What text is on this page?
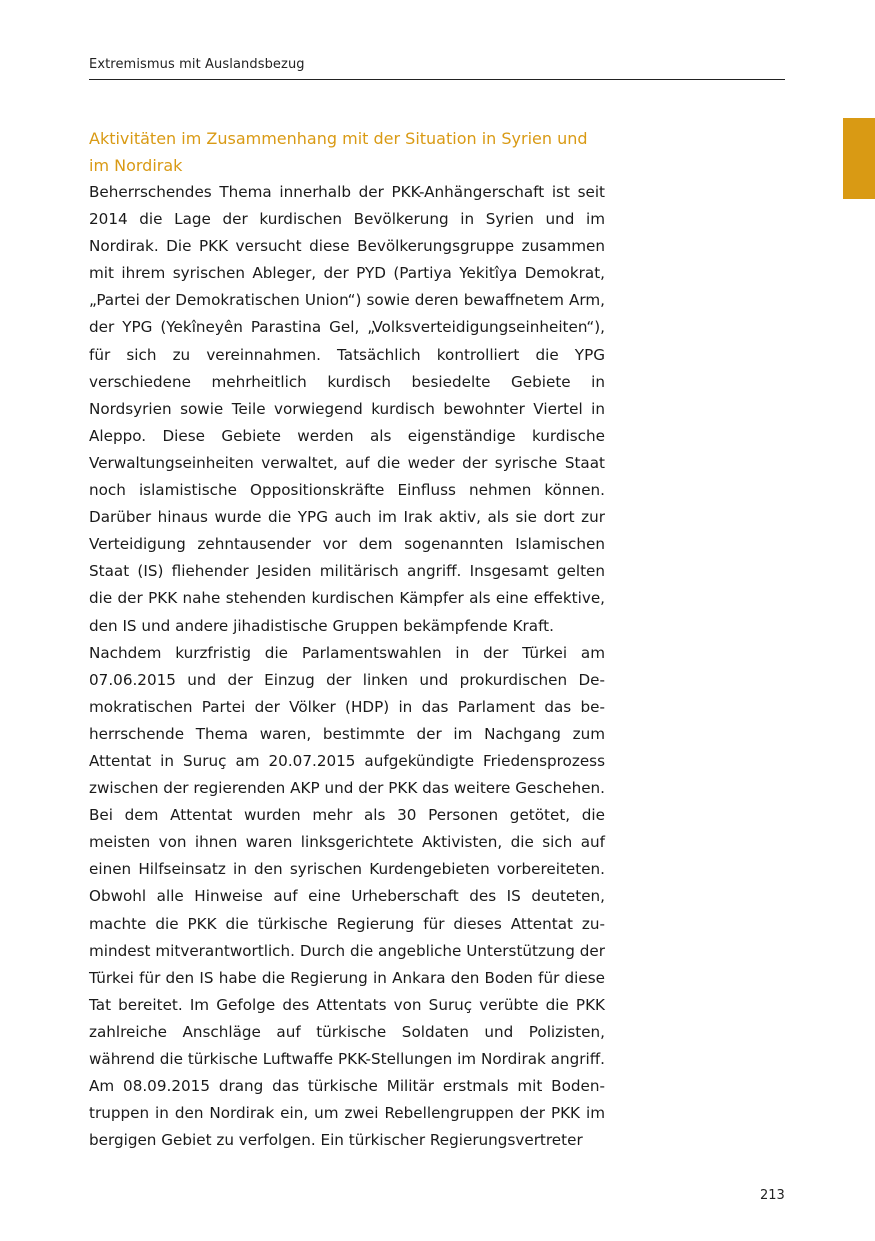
Extremismus mit Auslandsbezug
Aktivitäten im Zusammenhang mit der Situation in Syrien und im Nordirak

Beherrschendes Thema innerhalb der PKK-Anhängerschaft ist seit 2014 die Lage der kurdischen Bevölkerung in Syrien und im Nordirak. Die PKK versucht diese Bevölkerungsgruppe zusammen mit ihrem syrischen Ableger, der PYD (Partiya Yekitîya Demokrat, „Partei der Demokratischen Union“) sowie deren bewaffnetem Arm, der YPG (Yekîneyên Parastina Gel, „Volksverteidigungseinheiten“), für sich zu vereinnahmen. Tatsächlich kontrolliert die YPG verschiedene mehrheitlich kurdisch besiedelte Gebiete in Nordsyrien sowie Teile vorwiegend kurdisch bewohnter Viertel in Aleppo. Diese Gebiete werden als eigenständige kurdische Verwaltungseinheiten verwaltet, auf die weder der syrische Staat noch islamistische Oppositionskräfte Einfluss nehmen können. Darüber hinaus wurde die YPG auch im Irak aktiv, als sie dort zur Verteidigung zehntausender vor dem sogenannten Islamischen Staat (IS) fliehender Jesiden militärisch angriff. Insgesamt gelten die der PKK nahe stehenden kurdischen Kämpfer als eine effektive, den IS und andere jihadistische Gruppen bekämpfende Kraft.

Nachdem kurzfristig die Parlamentswahlen in der Türkei am 07.06.2015 und der Einzug der linken und prokurdischen Demokratischen Partei der Völker (HDP) in das Parlament das beherrschende Thema waren, bestimmte der im Nachgang zum Attentat in Suruç am 20.07.2015 aufgekündigte Friedensprozess zwischen der regierenden AKP und der PKK das weitere Geschehen. Bei dem Attentat wurden mehr als 30 Personen getötet, die meisten von ihnen waren linksgerichtete Aktivisten, die sich auf einen Hilfseinsatz in den syrischen Kurdengebieten vorbereiteten. Obwohl alle Hinweise auf eine Urheberschaft des IS deuteten, machte die PKK die türkische Regierung für dieses Attentat zumindest mitverantwortlich. Durch die angebliche Unterstützung der Türkei für den IS habe die Regierung in Ankara den Boden für diese Tat bereitet. Im Gefolge des Attentats von Suruç verübte die PKK zahlreiche Anschläge auf türkische Soldaten und Polizisten, während die türkische Luftwaffe PKK-Stellungen im Nordirak angriff. Am 08.09.2015 drang das türkische Militär erstmals mit Bodentruppen in den Nordirak ein, um zwei Rebellengruppen der PKK im bergigen Gebiet zu verfolgen. Ein türkischer Regierungsvertreter

213
